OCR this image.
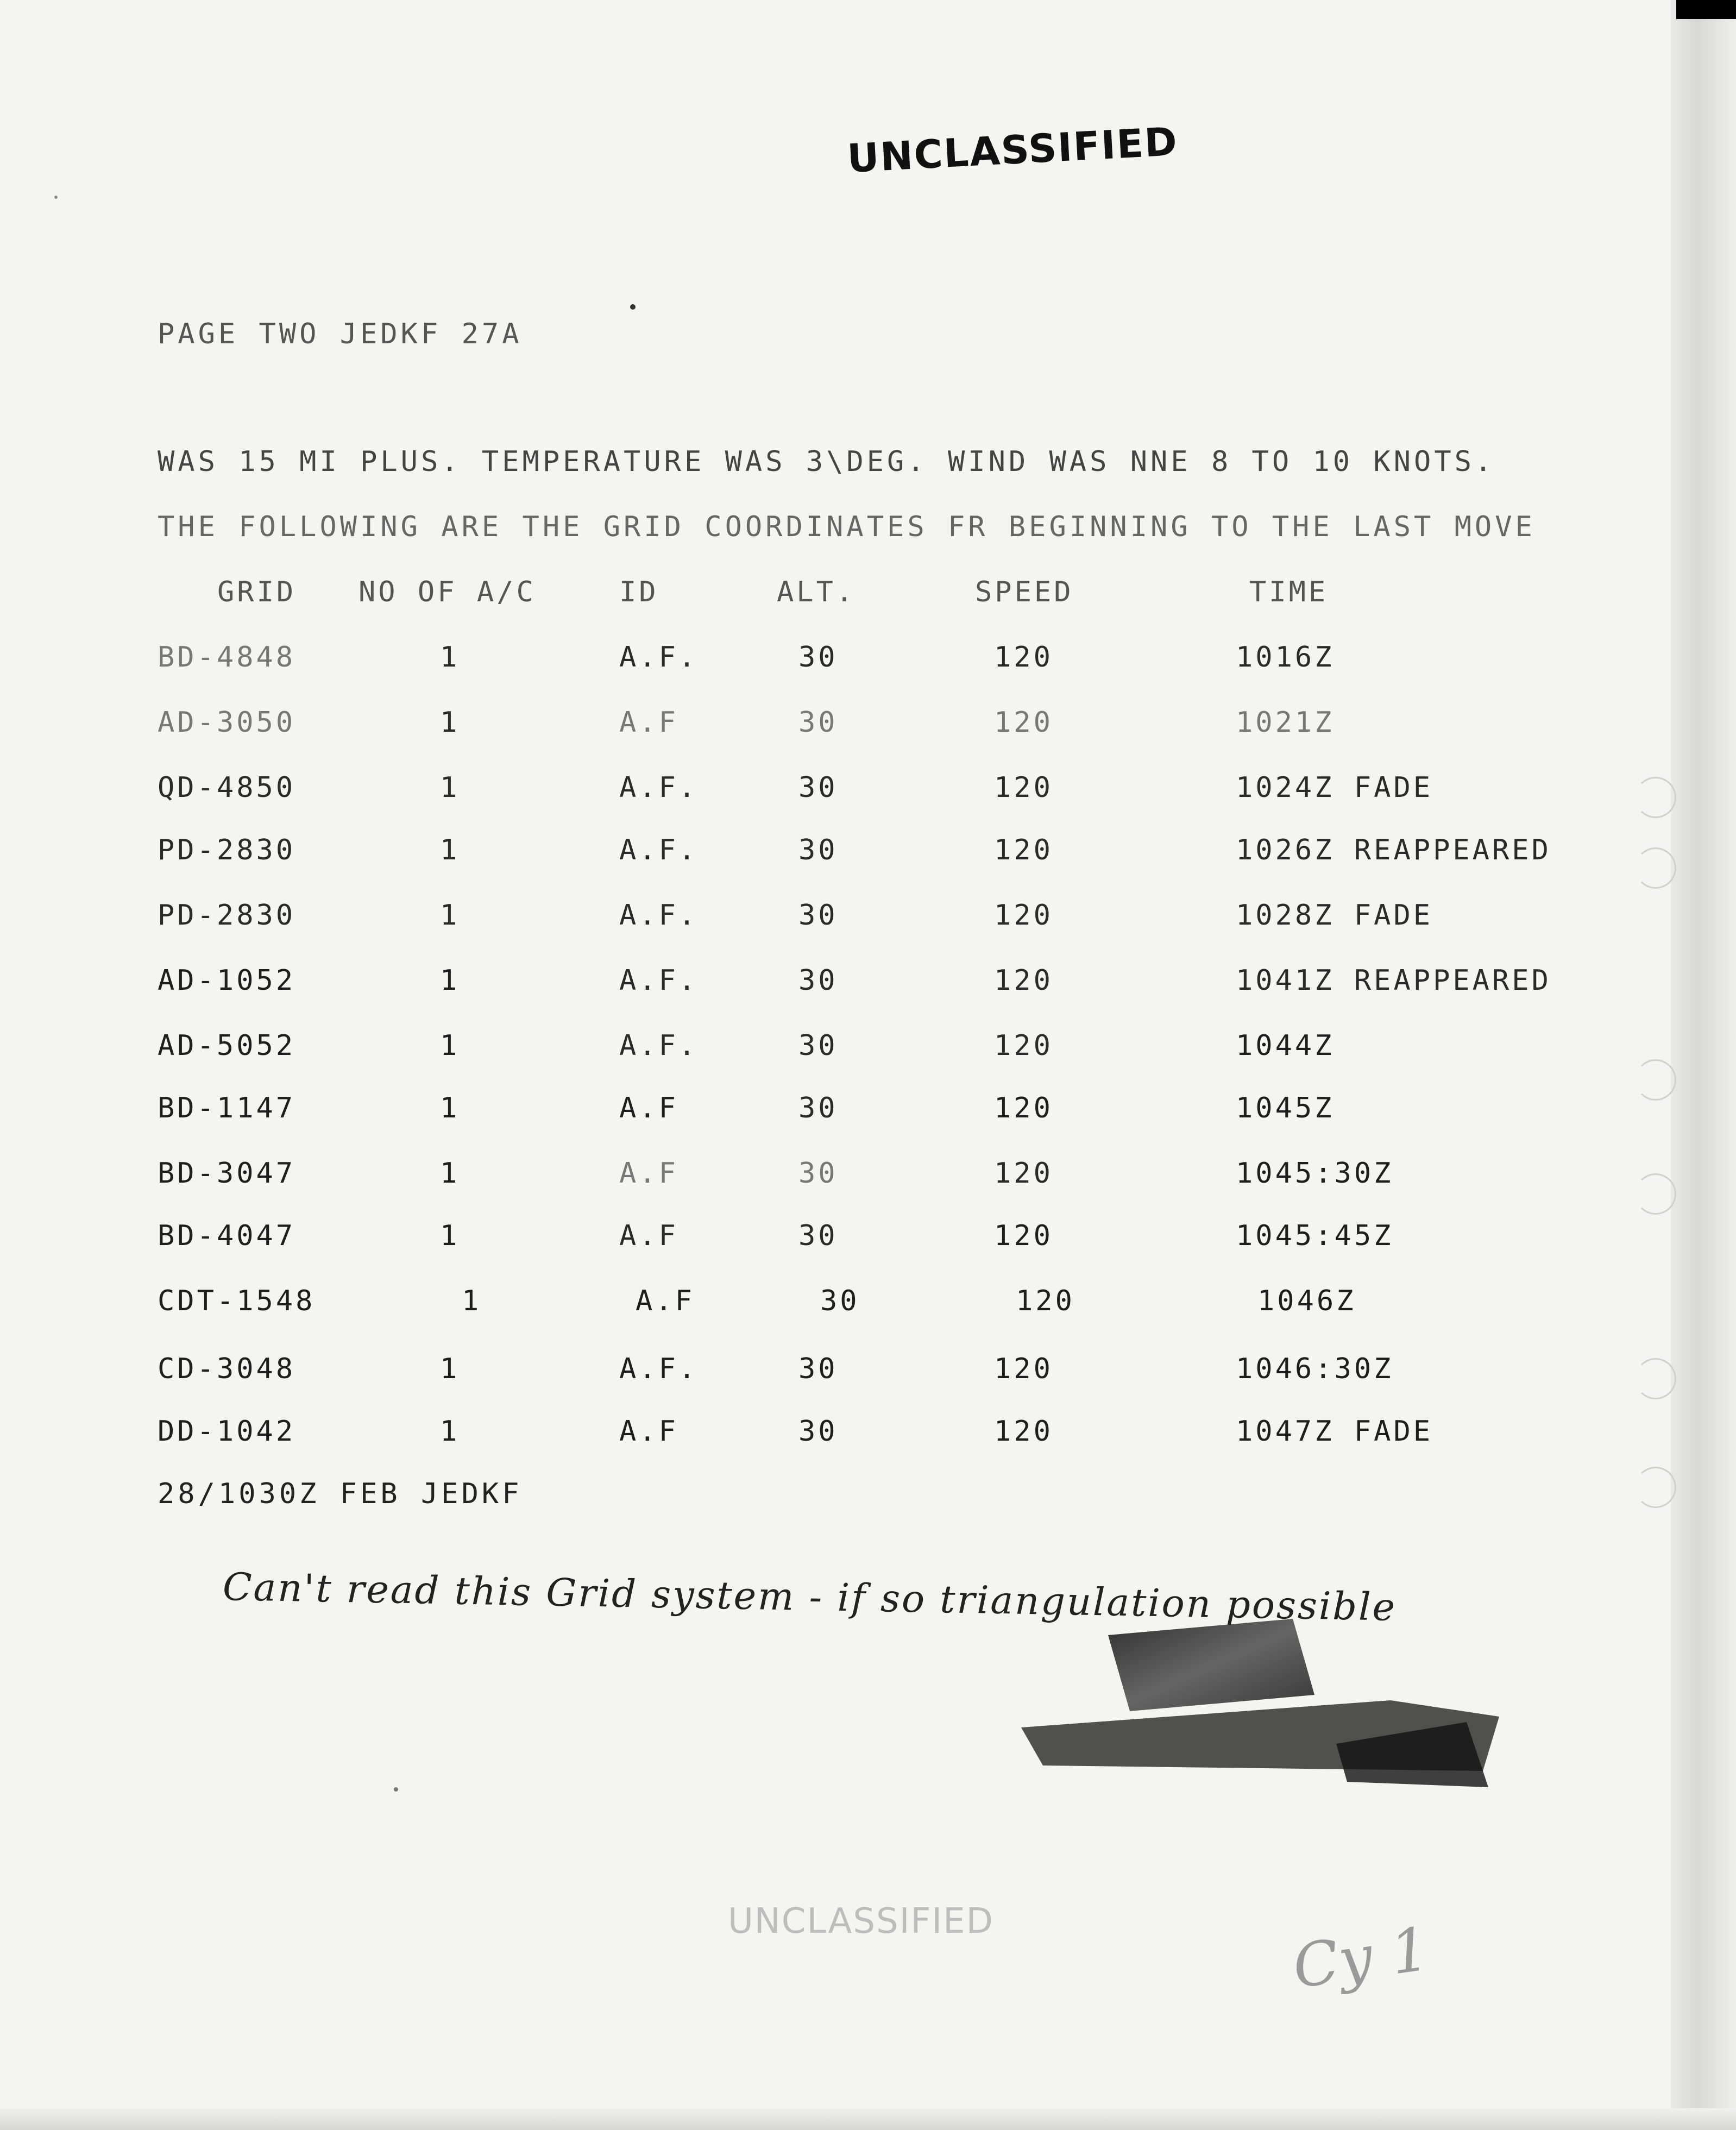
UNCLASSIFIED
PAGE TWO JEDKF 27A
WAS 15 MI PLUS. TEMPERATURE WAS 3\DEG. WIND WAS NNE 8 TO 10 KNOTS.
THE FOLLOWING ARE THE GRID COORDINATES FR BEGINNING TO THE LAST MOVE
GRID NO OF A/C	ID	ALT.	SPEED	TIME
BD-4848	1	A.F.	30	120	1016Z
AD-3050	1	A.F	30	120	1021Z
QD-4850	1	A.F.	30	120	1024Z FADE
PD-2830	1	A.F.	30	120	1026Z REAPPEARED
PD-2830	1	A.F.	30	120	1028Z FADE
AD-1052	1	A.F.	30	120	1041Z REAPPEARED
AD-5052	1	A.F.	30	120	1044Z
BD-1147	1	A.F	30	120	1045Z
BD-3047	1	A.F	30	120	1045:30Z
BD-4047	1	A.F	30	120	1045:45Z
CDT-1548	1	A.F	30	120	1046Z
CD-3048	1	A.F.	30	120	1046:30Z
DD-1042	1	A.F	30	120	1047Z FADE
28/1030Z FEB JEDKF
Can't read this Grid system - if so triangulation possible
UNCLASSIFIED	Cy 1
